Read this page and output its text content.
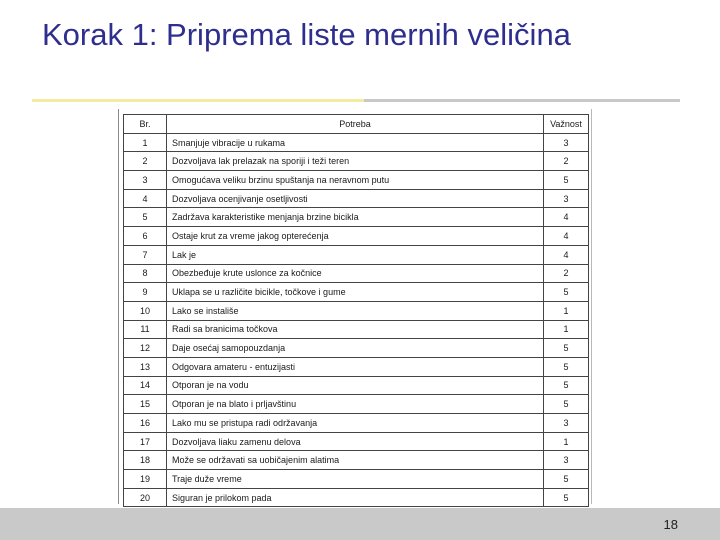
Korak 1: Priprema liste mernih veličina
Br.	Potreba	Važnost
1	Smanjuje vibracije u rukama	3
2	Dozvoljava lak prelazak na sporiji i teži teren	2
3	Omogućava veliku brzinu spuštanja na neravnom putu	5
4	Dozvoljava ocenjivanje osetljivosti	3
5	Zadržava karakteristike menjanja brzine bicikla	4
6	Ostaje krut za vreme jakog opterećenja	4
7	Lak je	4
8	Obezbeđuje krute uslonce za kočnice	2
9	Uklapa se u različite bicikle, točkove i gume	5
10	Lako se instališe	1
11	Radi sa branicima točkova	1
12	Daje osećaj samopouzdanja	5
13	Odgovara amateru - entuzijasti	5
14	Otporan je na vodu	5
15	Otporan je na blato i prljavštinu	5
16	Lako mu se pristupa radi održavanja	3
17	Dozvoljava liaku zamenu delova	1
18	Može se održavati sa uobičajenim alatima	3
19	Traje duže vreme	5
20	Siguran je prilokom pada	5
18
